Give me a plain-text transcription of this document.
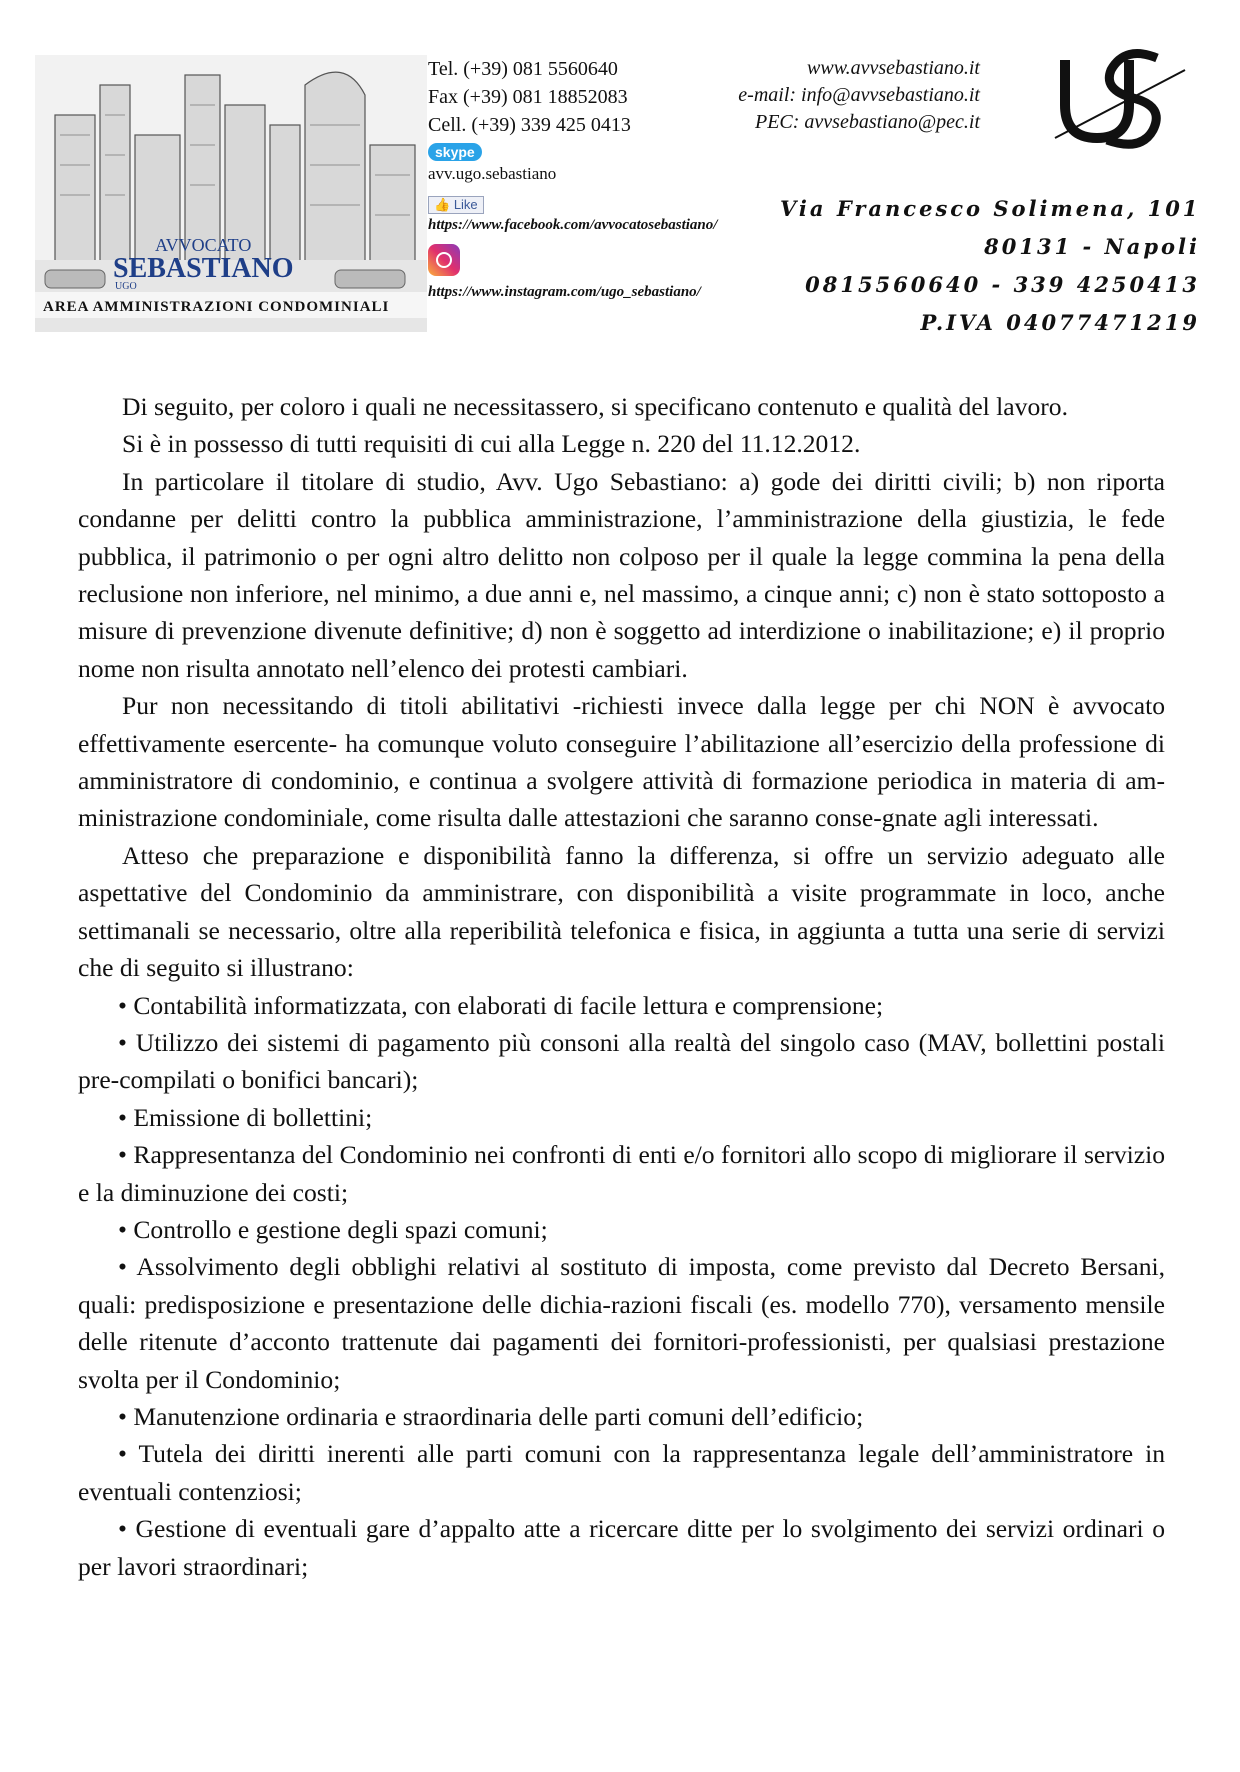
AVVOCATO
SEBASTIANO
UGO
AREA AMMINISTRAZIONI CONDOMINIALI
Tel. (+39) 081 5560640
Fax (+39) 081 18852083
Cell. (+39) 339 425 0413
skype
avv.ugo.sebastiano
👍 Like
https://www.facebook.com/avvocatosebastiano/
https://www.instagram.com/ugo_sebastiano/
www.avvsebastiano.it
e-mail: info@avvsebastiano.it
PEC: avvsebastiano@pec.it
Via Francesco Solimena, 101
80131 - Napoli
0815560640 - 339 4250413
P.IVA 04077471219

Di seguito, per coloro i quali ne necessitassero, si specificano contenuto e qualità del lavoro.

Si è in possesso di tutti requisiti di cui alla Legge n. 220 del 11.12.2012.

In particolare il titolare di studio, Avv. Ugo Sebastiano: a) gode dei diritti civili; b) non riporta condanne per delitti contro la pubblica amministrazione, l’amministrazione della giustizia, le fede pubblica, il patrimonio o per ogni altro delitto non colposo per il quale la legge commina la pena della reclusione non inferiore, nel minimo, a due anni e, nel massimo, a cinque anni; c) non è stato sottoposto a misure di prevenzione divenute definitive; d) non è soggetto ad interdizione o inabilitazione; e) il proprio nome non risulta annotato nell’elenco dei protesti cambiari.

Pur non necessitando di titoli abilitativi -richiesti invece dalla legge per chi NON è avvocato effettivamente esercente- ha comunque voluto conseguire l’abilitazione all’esercizio della professione di amministratore di condominio, e continua a svolgere attività di formazione periodica in materia di am-ministrazione condominiale, come risulta dalle attestazioni che saranno conse-gnate agli interessati.

Atteso che preparazione e disponibilità fanno la differenza, si offre un servizio adeguato alle aspettative del Condominio da amministrare, con disponibilità a visite programmate in loco, anche settimanali se necessario, oltre alla reperibilità telefonica e fisica, in aggiunta a tutta una serie di servizi che di seguito si illustrano:

• Contabilità informatizzata, con elaborati di facile lettura e comprensione;

• Utilizzo dei sistemi di pagamento più consoni alla realtà del singolo caso (MAV, bollettini postali pre-compilati o bonifici bancari);

• Emissione di bollettini;

• Rappresentanza del Condominio nei confronti di enti e/o fornitori allo scopo di migliorare il servizio e la diminuzione dei costi;

• Controllo e gestione degli spazi comuni;

• Assolvimento degli obblighi relativi al sostituto di imposta, come previsto dal Decreto Bersani, quali: predisposizione e presentazione delle dichia-razioni fiscali (es. modello 770), versamento mensile delle ritenute d’acconto trattenute dai pagamenti dei fornitori-professionisti, per qualsiasi prestazione svolta per il Condominio;

• Manutenzione ordinaria e straordinaria delle parti comuni dell’edificio;

• Tutela dei diritti inerenti alle parti comuni con la rappresentanza legale dell’amministratore in eventuali contenziosi;

• Gestione di eventuali gare d’appalto atte a ricercare ditte per lo svolgimento dei servizi ordinari o per lavori straordinari;
